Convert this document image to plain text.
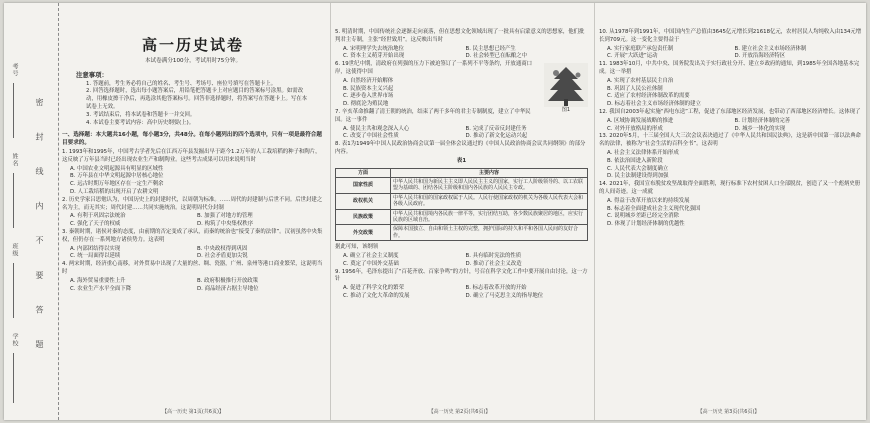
考号
姓名
班级
学校 密 封 线 内 不 要 答 题
高一历史试卷
本试卷满分100分，考试用时75分钟。
注意事项：
1. 答题前，考生务必将自己的姓名、考生号、考场号、座位号填写在答题卡上。
2. 回答选择题时，选出每小题答案后，用铅笔把答题卡上对应题目的答案标号涂黑。如需改动，用橡皮擦干净后，再选涂其他答案标号。回答非选择题时，将答案写在答题卡上。写在本试卷上无效。
3. 考试结束后，将本试卷和答题卡一并交回。
4. 本试卷主要考试内容：高中历史纲要(上)。
一、选择题：本大题共16小题，每小题3分，共48分。在每小题列出的四个选项中，只有一项是最符合题目要求的。
1. 1993年和1995年，中国考古学者先后在江西万年县发掘出早于距今1.2万年的人工栽培稻的种子和陶片，这反映了万年县当时已经出现农业生产和制陶业。这些考古成果可以用来说明当时
A. 中国农业文明起源具有明显的区域性
B. 万年县在中华文明起源中居核心地位
C. 远古时期万年地区存在一定生产剩余
D. 人工栽培稻的出现开启了农耕文明
2. 历史学家吕思勉认为，中国历史上的封建时代，以周朝为标准。……周代的封建制与后世不同。后世封建之名为主，而无其实；周代封建……共同实施统治。这说明周代分封制
A. 有利于巩固宗法统治	B. 加强了对地方的管理
C. 强化了天子的权威	D. 构筑了中央集权秩序
3. 秦朝时期，诸侯对秦的态度，由前期的否定变成了承认，而秦的统治也“接受了秦的法律”。汉初虽然中央集权，但仍存在一系列地方诸侯势力。这表明
A. 内部团结得以实现	B. 中央政权得到巩固
C. 统一局面得以延续	D. 社会矛盾更加尖锐
4. 两宋时期，经济重心南移，对外贸易中出现了大量的丝、绸、瓷器，广州、泉州等港口商业繁荣，这说明当时
A. 海外贸易重要性上升	B. 政府积极推行开放政策
C. 农业生产水平全面下降	D. 商品经济占据主导地位
【高一历史 第1页(共6页)】
5. 明清时期，中国传统社会逐渐走向衰落，但在思想文化领域出现了一批具有启蒙意义的思想家，他们批判君主专制，主张“经世致用”。这反映出当时
A. 宋明理学失去统治地位	B. 民主思想已经产生
C. 资本主义萌芽开始出现	D. 社会转型已在酝酿之中
图1
6. 19世纪中期，清政府在列强的压力下被迫签订了一系列不平等条约，开放通商口岸，这使得中国
A. 自然经济开始解体
B. 民族资本主义兴起
C. 逐步卷入世界市场
D. 彻底沦为殖民地
7. 辛亥革命推翻了清王朝的统治，结束了两千多年的君主专制制度，建立了中华民国。这一事件
A. 使民主共和观念深入人心	B. 完成了反帝反封建任务
C. 改变了中国社会性质	D. 推动了新文化运动兴起
8. 表1为1949年中国人民政治协商会议第一届全体会议通过的《中国人民政治协商会议共同纲领》的部分内容。
表1
方面	主要内容
国家性质	中华人民共和国为新民主主义即人民民主主义的国家，实行工人阶级领导的、以工农联盟为基础的、团结各民主阶级和国内各民族的人民民主专政。
政权机关	中华人民共和国的国家政权属于人民。人民行使国家政权的机关为各级人民代表大会和各级人民政府。
民族政策	中华人民共和国境内各民族一律平等，实行团结互助，各少数民族聚居的地区，应实行民族的区域自治。
外交政策	保障本国独立、自由和领土主权的完整，拥护国际的持久和平和各国人民间的友好合作。
据此可知，该纲领
A. 确立了社会主义制度	B. 具有临时宪法的性质
C. 奠定了中国外交基础	D. 推动了社会主义改造
9. 1956年，毛泽东提出了“百花齐放、百家争鸣”的方针，号召在科学文化工作中要开展自由讨论，这一方针
A. 促进了科学文化的繁荣	B. 标志着改革开放的开始
C. 推动了文化大革命的发展	D. 确立了马克思主义的指导地位
【高一历史 第2页(共6页)】
10. 从1978年到1991年，中国国内生产总值由3645亿元增长到21618亿元，农村居民人均纯收入由134元增长到709元。这一变化主要得益于
A. 实行家庭联产承包责任制	B. 建立社会主义市场经济体制
C. 开展“大跃进”运动	D. 开放沿海经济特区
11. 1983年10月，中共中央、国务院发出关于实行政社分开、建立乡政府的通知，到1985年全国各地基本完成。这一举措
A. 实现了农村基层民主自治
B. 巩固了人民公社体制
C. 适应了农村经济体制改革的需要
D. 标志着社会主义市场经济体制的建立
12. 我国自2003年起实施“西电东送”工程，促进了东部地区经济发展，也带动了西部地区经济增长。这体现了
A. 区域协调发展战略的推进	B. 计划经济体制的完善
C. 对外开放格局的形成	D. 城乡一体化的实现
13. 2020年5月，十三届全国人大三次会议表决通过了《中华人民共和国民法典》，这是新中国第一部以法典命名的法律，被称为“社会生活的百科全书”。这表明
A. 社会主义法律体系开始形成
B. 依法治国进入新阶段
C. 人民代表大会制度确立
D. 民主法制建设得到加强
14. 2021年，我国宣布脱贫攻坚战取得全面胜利，现行标准下农村贫困人口全部脱贫，创造了又一个彪炳史册的人间奇迹。这一成就
A. 得益于改革开放以来的持续发展
B. 标志着全面建成社会主义现代化强国
C. 说明城乡差距已经完全消除
D. 体现了计划经济体制的优越性
【高一历史 第3页(共6页)】
